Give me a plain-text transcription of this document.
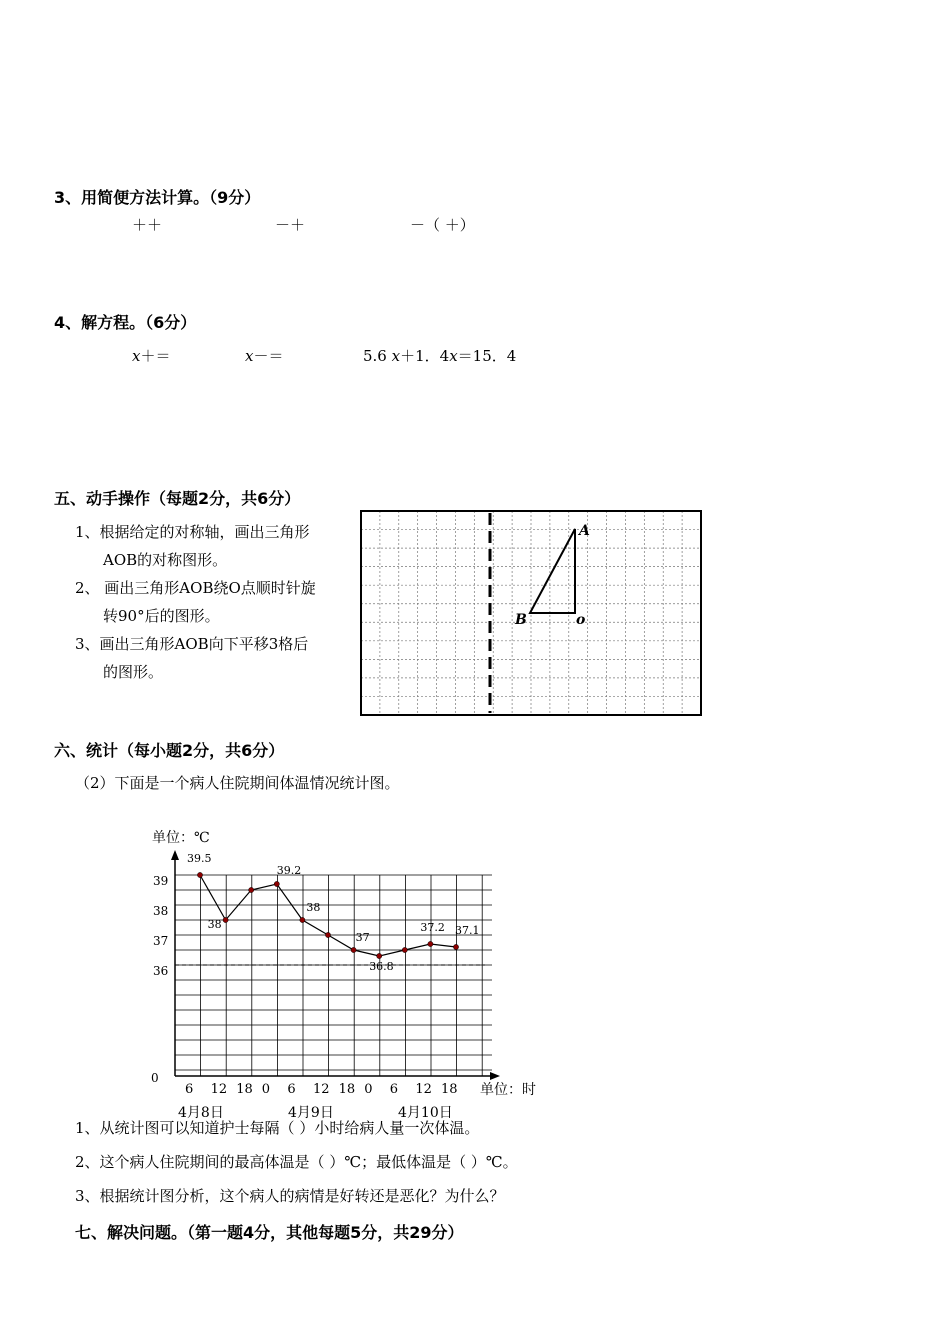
3、用简便方法计算。（9分）
＋＋	－＋	－（ ＋）
4、解方程。（6分）
x＋＝	x－＝	5.6 x＋1．4x＝15．4
五、动手操作（每题2分，共6分）
1、根据给定的对称轴，画出三角形
AOB的对称图形。
2、 画出三角形AOB绕O点顺时针旋
转90°后的图形。
3、画出三角形AOB向下平移3格后
的图形。
A
B	o
六、统计（每小题2分，共6分）
（2）下面是一个病人住院期间体温情况统计图。
单位：℃
单位：时
0
36
37
38
39
6 12 18 0 6 12 18 0 6 12 18
39.5
38
39.2
38
37
36.8
37.2 37.1
4月8日	4月9日	4月10日
1、从统计图可以知道护士每隔（ ）小时给病人量一次体温。
2、这个病人住院期间的最高体温是（ ）℃；最低体温是（ ）℃。
3、根据统计图分析，这个病人的病情是好转还是恶化？为什么？
七、解决问题。（第一题4分，其他每题5分，共29分）
